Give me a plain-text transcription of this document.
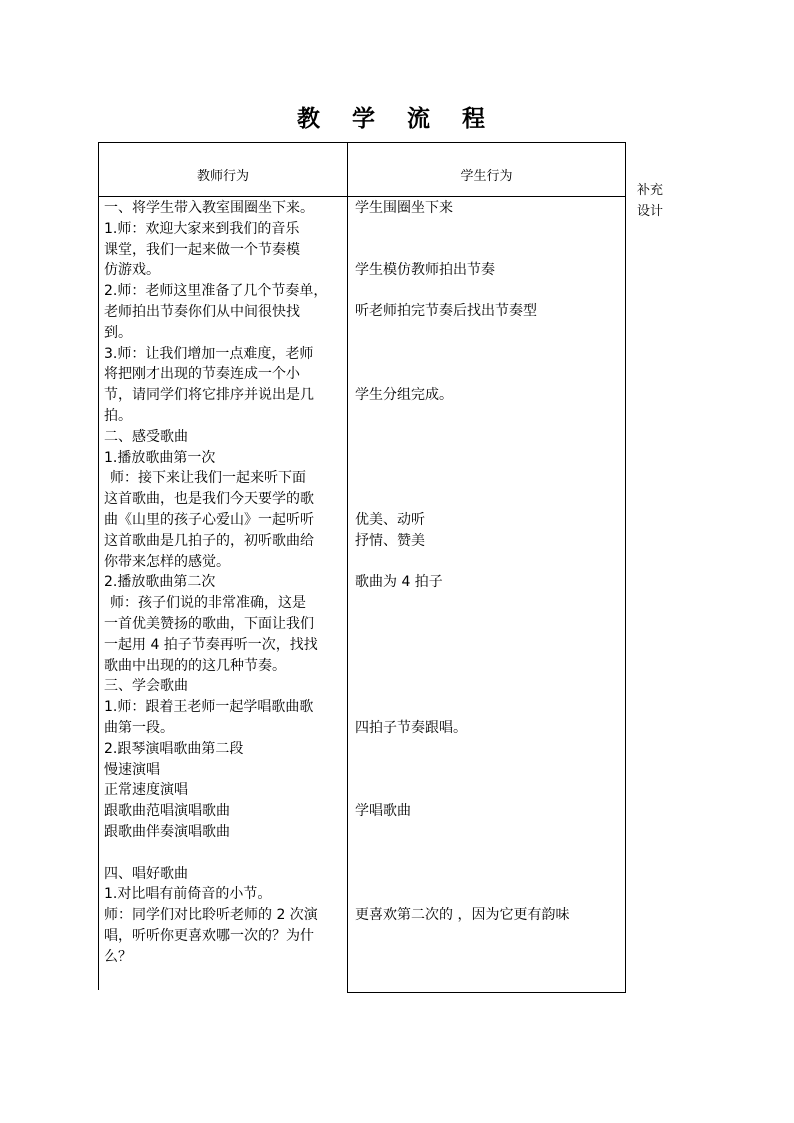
教 学 流 程
教师行为	学生行为
补充设计
一、将学生带入教室围圈坐下来。
1.师：欢迎大家来到我们的音乐
课堂，我们一起来做一个节奏模
仿游戏。
2.师：老师这里准备了几个节奏单，
老师拍出节奏你们从中间很快找
到。
3.师：让我们增加一点难度，老师
将把刚才出现的节奏连成一个小
节，请同学们将它排序并说出是几
拍。
二、感受歌曲
1.播放歌曲第一次
师：接下来让我们一起来听下面
这首歌曲，也是我们今天要学的歌
曲《山里的孩子心爱山》一起听听
这首歌曲是几拍子的，初听歌曲给
你带来怎样的感觉。
2.播放歌曲第二次
师：孩子们说的非常准确，这是
一首优美赞扬的歌曲，下面让我们
一起用 4 拍子节奏再听一次，找找
歌曲中出现的的这几种节奏。
三、学会歌曲
1.师：跟着王老师一起学唱歌曲歌
曲第一段。
2.跟琴演唱歌曲第二段
慢速演唱
正常速度演唱
跟歌曲范唱演唱歌曲
跟歌曲伴奏演唱歌曲
四、唱好歌曲
1.对比唱有前倚音的小节。
师：同学们对比聆听老师的 2 次演
唱，听听你更喜欢哪一次的？为什
么？
学生围圈坐下来
学生模仿教师拍出节奏
听老师拍完节奏后找出节奏型
学生分组完成。
优美、动听
抒情、赞美
歌曲为 4 拍子
四拍子节奏跟唱。
学唱歌曲
更喜欢第二次的 ，因为它更有韵味
